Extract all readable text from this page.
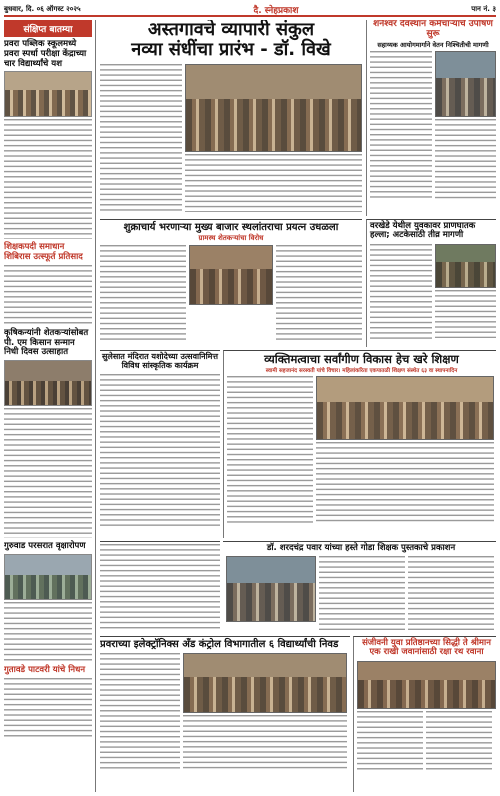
बुधवार, दि. ०६ ऑगस्ट २०२५	दै. स्नेहप्रकाश	पान नं. ३
संक्षिप्त बातम्या
प्रवरा पब्लिक स्कूलमध्ये प्रवरा स्पर्धा परीक्षा केंद्राच्या चार विद्यार्थ्यांचे यश
शिक्षकपदी समाधान शिबिरास उत्स्फूर्त प्रतिसाद
कृषिकन्यांनी शेतकऱ्यांसोबत पी. एम किसान सन्मान निधी दिवस उत्साहात
गुरुवाड परसरात वृक्षारोपण
गुतावडे पाटवरी यांचे निधन
अस्तगावचे व्यापारी संकुल
नव्या संधींचा प्रारंभ - डॉ. विखे
शनैश्वर देवस्थान कर्मचाऱ्यांचे उपोषण सुरू
सहाय्यक आयोगमार्गाने वेतन निश्चितीची मागणी
शुक्राचार्य भरणाऱ्या मुख्य बाजार स्थलांतराचा प्रयत्न उधळला
ग्रामस्थ शेतकऱ्यांचा विरोध
वरखेडे येथील युवकावर प्राणघातक हल्ला; अटकेसाठी तीव्र मागणी
सुलेसात मंदिरात यशोदेच्या उत्सवानिमित्त विविध सांस्कृतिक कार्यक्रम	व्यक्तिमत्वाचा सर्वांगीण विकास हेच खरे शिक्षण
स्वामी सहजानंद सरस्वती यांचे विचार। महिलांकरिता एकपातळी शिक्षण संस्थेत ६३ वा स्थापनादिन
डॉ. शरदचंद्र पवार यांच्या हस्ते गोडा शिक्षक पुस्तकाचे प्रकाशन
प्रवराच्या इलेक्ट्रॉनिक्स अँड कंट्रोल विभागातील ६ विद्यार्थ्यांची निवड	संजीवनी युवा प्रतिष्ठानच्या सिद्धी ते श्रीमान एक राखी जवानांसाठी रक्षा रथ रवाना
